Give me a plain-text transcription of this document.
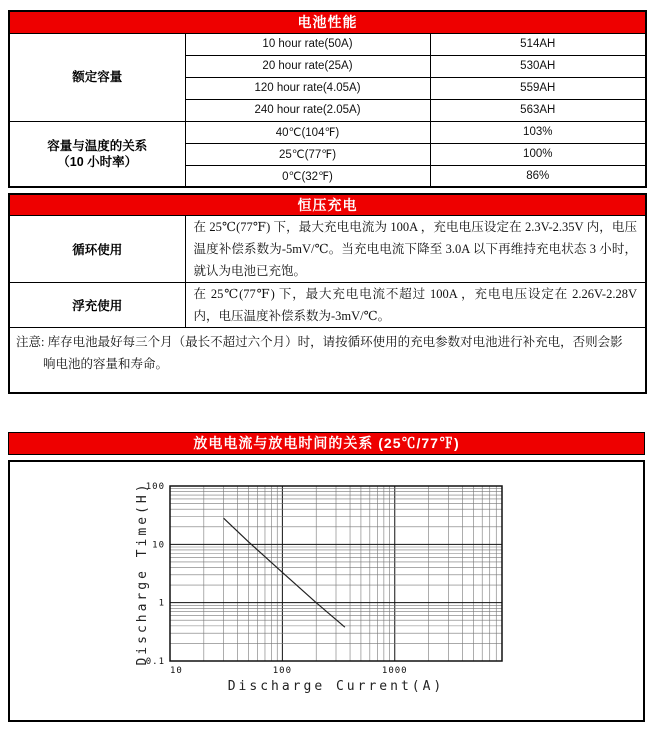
电池性能		

额定容量	10 hour rate(50A)	514AH
	20 hour rate(25A)	530AH
	120 hour rate(4.05A)	559AH
	240 hour rate(2.05A)	563AH

容量与温度的关系
（10 小时率）	40℃(104℉)	103%
	25℃(77℉)	100%
	0℃(32℉)	86%
恒压充电	
循环使用	在 25℃(77℉) 下，最大充电电流为 100A ，充电电压设定在 2.3V-2.35V 内，电压温度补偿系数为-5mV/℃。当充电电流下降至 3.0A 以下再维持充电状态 3 小时，就认为电池已充饱。
浮充使用	在 25℃(77℉) 下，最大充电电流不超过 100A ，充电电压设定在 2.26V-2.28V 内，电压温度补偿系数为-3mV/℃。
注意: 库存电池最好每三个月（最长不超过六个月）时，请按循环使用的充电参数对电池进行补充电，否则会影响电池的容量和寿命。	
放电电流与放电时间的关系 (25℃/77℉)
10	100	1000
100
10
1
0.1
Discharge Time(H)
Discharge Current(A)
